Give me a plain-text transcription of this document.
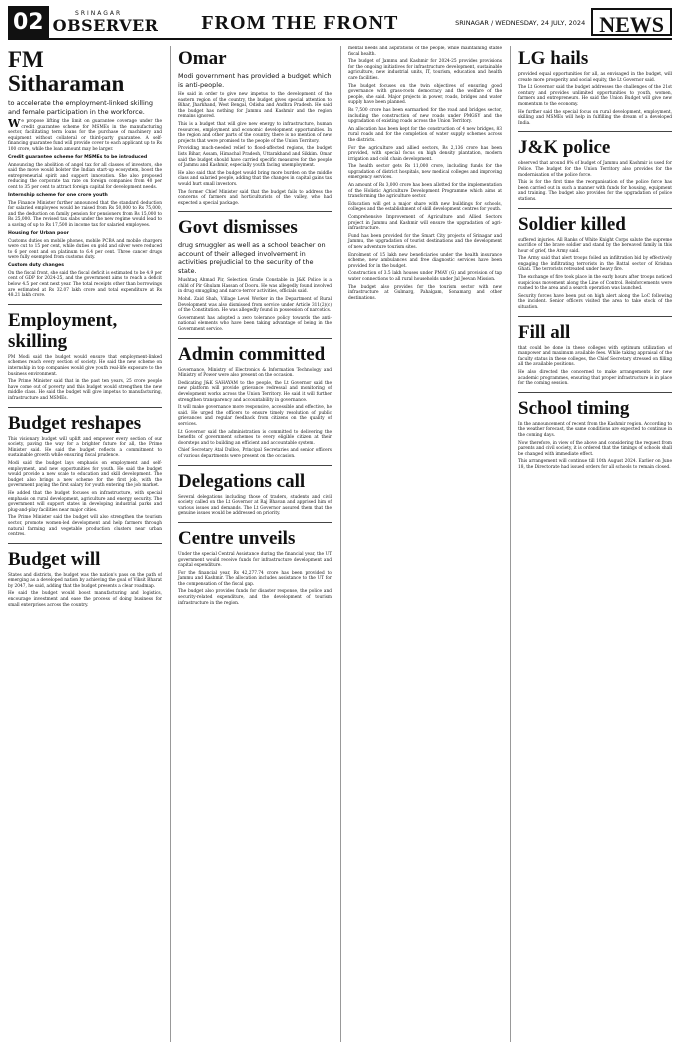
02	SRINAGAR
OBSERVER	FROM THE FRONT	SRINAGAR / WEDNESDAY, 24 JULY, 2024 NEWS
FM Sitharaman
to accelerate the employment-linked skilling and female participation in the workforce.

We propose lifting the limit on guarantee coverage under the credit guarantee scheme for MSMEs in the manufacturing sector, facilitating term loans for the purchase of machinery and equipment without collateral or third-party guarantee. A self-financing guarantee fund will provide cover to each applicant up to Rs 100 crore, while the loan amount may be larger.

Credit guarantee scheme for MSMEs to be introduced

Announcing the abolition of angel tax for all classes of investors, she said the move would bolster the Indian start-up ecosystem, boost the entrepreneurial spirit and support innovation. She also proposed reducing the corporate tax rate on foreign companies from 40 per cent to 35 per cent to attract foreign capital for development needs.

Internship scheme for one crore youth

The Finance Minister further announced that the standard deduction for salaried employees would be raised from Rs 50,000 to Rs 75,000, and the deduction on family pension for pensioners from Rs 15,000 to Rs 25,000. The revised tax slabs under the new regime would lead to a saving of up to Rs 17,500 in income tax for salaried employees.

Housing for Urban poor

Customs duties on mobile phones, mobile PCBA and mobile chargers were cut to 15 per cent, while duties on gold and silver were reduced to 6 per cent and on platinum to 6.4 per cent. Three cancer drugs were fully exempted from customs duty.

Custom duty changes

On the fiscal front, she said the fiscal deficit is estimated to be 4.9 per cent of GDP for 2024-25, and the government aims to reach a deficit below 4.5 per cent next year. The total receipts other than borrowings are estimated at Rs 32.07 lakh crore and total expenditure at Rs 48.21 lakh crore.

Employment, skilling

PM Modi said the budget would ensure that employment-linked schemes reach every section of society. He said the new scheme on internship in top companies would give youth real-life exposure to the business environment.

The Prime Minister said that in the past ten years, 25 crore people have come out of poverty and this budget would strengthen the new middle class. He said the budget will give impetus to manufacturing, infrastructure and MSMEs.

Budget reshapes

This visionary budget will uplift and empower every section of our society, paving the way for a brighter future for all, the Prime Minister said. He said the budget reflects a commitment to sustainable growth while ensuring fiscal prudence.

Modi said the budget lays emphasis on employment and self-employment, and new opportunities for youth. He said the budget would provide a new scale to education and skill development. The budget also brings a new scheme for the first job, with the government paying the first salary for youth entering the job market.

He added that the budget focuses on infrastructure, with special emphasis on rural development, agriculture and energy security. The government will support states in developing industrial parks and plug-and-play facilities near major cities.

The Prime Minister said the budget will also strengthen the tourism sector, promote women-led development and help farmers through natural farming and vegetable production clusters near urban centres.

Budget will

States and districts, the budget was the nation's pass on the path of emerging as a developed nation by achieving the goal of Viksit Bharat by 2047, he said, adding that the budget presents a clear roadmap.

He said the budget would boost manufacturing and logistics, encourage investment and ease the process of doing business for small enterprises across the country.

Omar
Modi government has provided a budget which is anti-people.

He said in order to give new impetus to the development of the eastern region of the country, the budget gives special attention to Bihar, Jharkhand, West Bengal, Odisha and Andhra Pradesh. He said the budget has nothing for Jammu and Kashmir and the region remains ignored.

This is a budget that will give new energy to infrastructure, human resources, employment and economic development opportunities. In the region and other parts of the country, there is no mention of new projects that were promised to the people of the Union Territory.

Providing much-needed relief to flood-affected regions, the budget lists Bihar, Assam, Himachal Pradesh, Uttarakhand and Sikkim. Omar said the budget should have carried specific measures for the people of Jammu and Kashmir, especially youth facing unemployment.

He also said that the budget would bring more burden on the middle class and salaried people, adding that the changes in capital gains tax would hurt small investors.

The former Chief Minister said that the budget fails to address the concerns of farmers and horticulturists of the valley, who had expected a special package.

Govt dismisses
drug smuggler as well as a school teacher on account of their alleged involvement in activities prejudicial to the security of the state.

Mushtaq Ahmad Pir, Selection Grade Constable in J&K Police is a child of Pir Ghulam Hassan of Dooru. He was allegedly found involved in drug smuggling and narco-terror activities, officials said.

Mohd. Zaid Shah, Village Level Worker in the Department of Rural Development was also dismissed from service under Article 311(2)(c) of the Constitution. He was allegedly found in possession of narcotics.

Government has adopted a zero tolerance policy towards the anti-national elements who have been taking advantage of being in the Government service.

Admin committed

Governance, Ministry of Electronics & Information Technology and Ministry of Power were also present on the occasion.

Dedicating J&K SAHAYAM to the people, the Lt Governor said the new platform will provide grievance redressal and monitoring of development works across the Union Territory. He said it will further strengthen transparency and accountability in governance.

It will make governance more responsive, accessible and effective, he said. He urged the officers to ensure timely resolution of public grievances and regular feedback from citizens on the quality of services.

Lt Governor said the administration is committed to delivering the benefits of government schemes to every eligible citizen at their doorsteps and to building an efficient and accountable system.

Chief Secretary Atal Dulloo, Principal Secretaries and senior officers of various departments were present on the occasion.

Delegations call

Several delegations including those of traders, students and civil society called on the Lt Governor at Raj Bhavan and apprised him of various issues and demands. The Lt Governor assured them that the genuine issues would be addressed on priority.

Centre unveils

Under the special Central Assistance during the financial year, the UT government would receive funds for infrastructure development and capital expenditure.

For the financial year, Rs 42,277.74 crore has been provided to Jammu and Kashmir. The allocation includes assistance to the UT for the compensation of the fiscal gap.

The budget also provides funds for disaster response, the police and security-related expenditure, and the development of tourism infrastructure in the region.

mental needs and aspirations of the people, while maintaining stable fiscal health.

The budget of Jammu and Kashmir for 2024-25 provides provisions for the ongoing initiatives for infrastructure development, sustainable agriculture, new industrial units, IT, tourism, education and health care facilities.

The budget focuses on the twin objectives of ensuring good governance with grass-roots democracy and the welfare of the people, she said. Major projects in power, roads, bridges and water supply have been planned.

Rs 7,500 crore has been earmarked for the road and bridges sector, including the construction of new roads under PMGSY and the upgradation of existing roads across the Union Territory.

An allocation has been kept for the construction of 4 new bridges, 83 rural roads and for the completion of water supply schemes across the districts.

For the agriculture and allied sectors, Rs 2,136 crore has been provided, with special focus on high density plantation, modern irrigation and cold chain development.

The health sector gets Rs 11,000 crore, including funds for the upgradation of district hospitals, new medical colleges and improving emergency services.

An amount of Rs 3,000 crore has been allotted for the implementation of the Holistic Agriculture Development Programme which aims at transforming the agriculture sector.

Education will get a major share with new buildings for schools, colleges and the establishment of skill development centres for youth.

Comprehensive Improvement of Agriculture and Allied Sectors project in Jammu and Kashmir will ensure the upgradation of agri-infrastructure.

Fund has been provided for the Smart City projects of Srinagar and Jammu, the upgradation of tourist destinations and the development of new adventure tourism sites.

Enrolment of 15 lakh new beneficiaries under the health insurance scheme, new ambulances and free diagnostic services have been provided for in the budget.

Construction of 3.5 lakh houses under PMAY (G) and provision of tap water connections to all rural households under Jal Jeevan Mission.

The budget also provides for the tourism sector with new infrastructure at Gulmarg, Pahalgam, Sonamarg and other destinations.

LG hails

provided equal opportunities for all, as envisaged in the budget, will create more prosperity and social equity, the Lt Governor said.

The Lt Governor said the budget addresses the challenges of the 21st century and provides unlimited opportunities to youth, women, farmers and entrepreneurs. He said the Union Budget will give new momentum to the economy.

He further said the special focus on rural development, employment, skilling and MSMEs will help in fulfilling the dream of a developed India.

J&K police

observed that around 8% of budget of Jammu and Kashmir is used for Police. The budget for the Union Territory also provides for the modernisation of the police force.

This is for the first time the reorganisation of the police force has been carried out in such a manner with funds for housing, equipment and training. The budget also provides for the upgradation of police stations.

Soldier killed

suffered injuries. All Ranks of White Knight Corps salute the supreme sacrifice of the brave soldier and stand by the bereaved family in this hour of grief, the Army said.

The Army said that alert troops foiled an infiltration bid by effectively engaging the infiltrating terrorists in the Battal sector of Krishna Ghati. The terrorists retreated under heavy fire.

The exchange of fire took place in the early hours after troops noticed suspicious movement along the Line of Control. Reinforcements were rushed to the area and a search operation was launched.

Security forces have been put on high alert along the LoC following the incident. Senior officers visited the area to take stock of the situation.

Fill all

that could be done in these colleges with optimum utilization of manpower and maximum available fees. While taking appraisal of the faculty status in these colleges, the Chief Secretary stressed on filling all the available positions.

He also directed the concerned to make arrangements for new academic programmes, ensuring that proper infrastructure is in place for the coming session.

School timing

In the announcement of recent from the Kashmir region. According to the weather forecast, the same conditions are expected to continue in the coming days.

Now therefore, in view of the above and considering the request from parents and civil society, it is ordered that the timings of schools shall be changed with immediate effect.

This arrangement will continue till 10th August 2024. Earlier on June 18, the Directorate had issued orders for all schools to remain closed.
